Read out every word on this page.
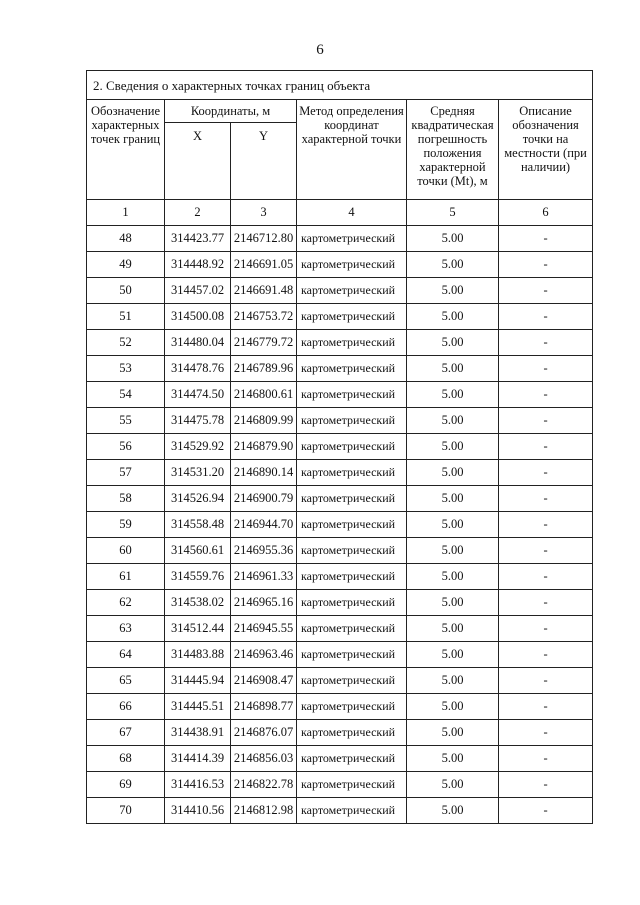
6
2. Сведения о характерных точках границ объекта					
Обозначение характерных точек границ	Координаты, м		Метод определения координат характерной точки	Средняя квадратическая погрешность положения характерной точки (Mt), м	Описание обозначения точки на местности (при наличии)
	X	Y			
1	2	3	4	5	6
48	314423.77	2146712.80	картометрический	5.00	-
49	314448.92	2146691.05	картометрический	5.00	-
50	314457.02	2146691.48	картометрический	5.00	-
51	314500.08	2146753.72	картометрический	5.00	-
52	314480.04	2146779.72	картометрический	5.00	-
53	314478.76	2146789.96	картометрический	5.00	-
54	314474.50	2146800.61	картометрический	5.00	-
55	314475.78	2146809.99	картометрический	5.00	-
56	314529.92	2146879.90	картометрический	5.00	-
57	314531.20	2146890.14	картометрический	5.00	-
58	314526.94	2146900.79	картометрический	5.00	-
59	314558.48	2146944.70	картометрический	5.00	-
60	314560.61	2146955.36	картометрический	5.00	-
61	314559.76	2146961.33	картометрический	5.00	-
62	314538.02	2146965.16	картометрический	5.00	-
63	314512.44	2146945.55	картометрический	5.00	-
64	314483.88	2146963.46	картометрический	5.00	-
65	314445.94	2146908.47	картометрический	5.00	-
66	314445.51	2146898.77	картометрический	5.00	-
67	314438.91	2146876.07	картометрический	5.00	-
68	314414.39	2146856.03	картометрический	5.00	-
69	314416.53	2146822.78	картометрический	5.00	-
70	314410.56	2146812.98	картометрический	5.00	-
